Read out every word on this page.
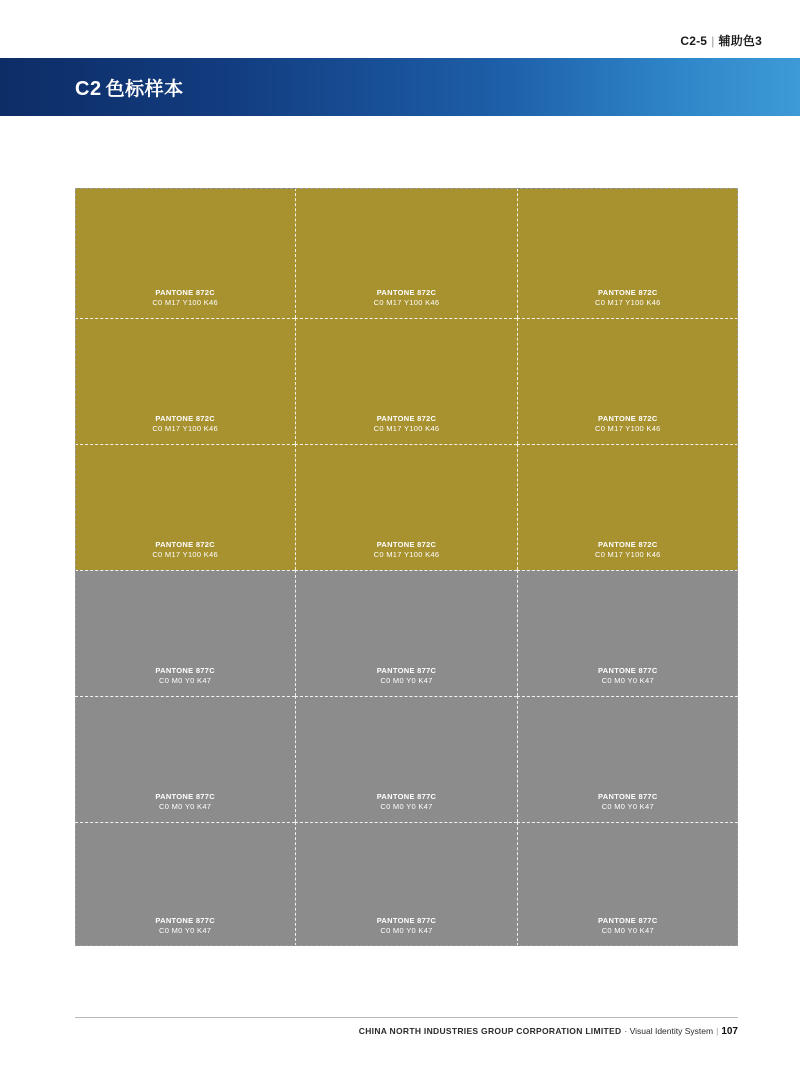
C2-5 | 辅助色3
C2 色标样本
PANTONE 872C
C0 M17 Y100 K46
PANTONE 872C
C0 M17 Y100 K46
PANTONE 872C
C0 M17 Y100 K46
PANTONE 872C
C0 M17 Y100 K46
PANTONE 872C
C0 M17 Y100 K46
PANTONE 872C
C0 M17 Y100 K46
PANTONE 872C
C0 M17 Y100 K46
PANTONE 872C
C0 M17 Y100 K46
PANTONE 872C
C0 M17 Y100 K46
PANTONE 877C
C0 M0 Y0 K47
PANTONE 877C
C0 M0 Y0 K47
PANTONE 877C
C0 M0 Y0 K47
PANTONE 877C
C0 M0 Y0 K47
PANTONE 877C
C0 M0 Y0 K47
PANTONE 877C
C0 M0 Y0 K47
PANTONE 877C
C0 M0 Y0 K47
PANTONE 877C
C0 M0 Y0 K47
PANTONE 877C
C0 M0 Y0 K47
CHINA NORTH INDUSTRIES GROUP CORPORATION LIMITED · Visual Identity System | 107
